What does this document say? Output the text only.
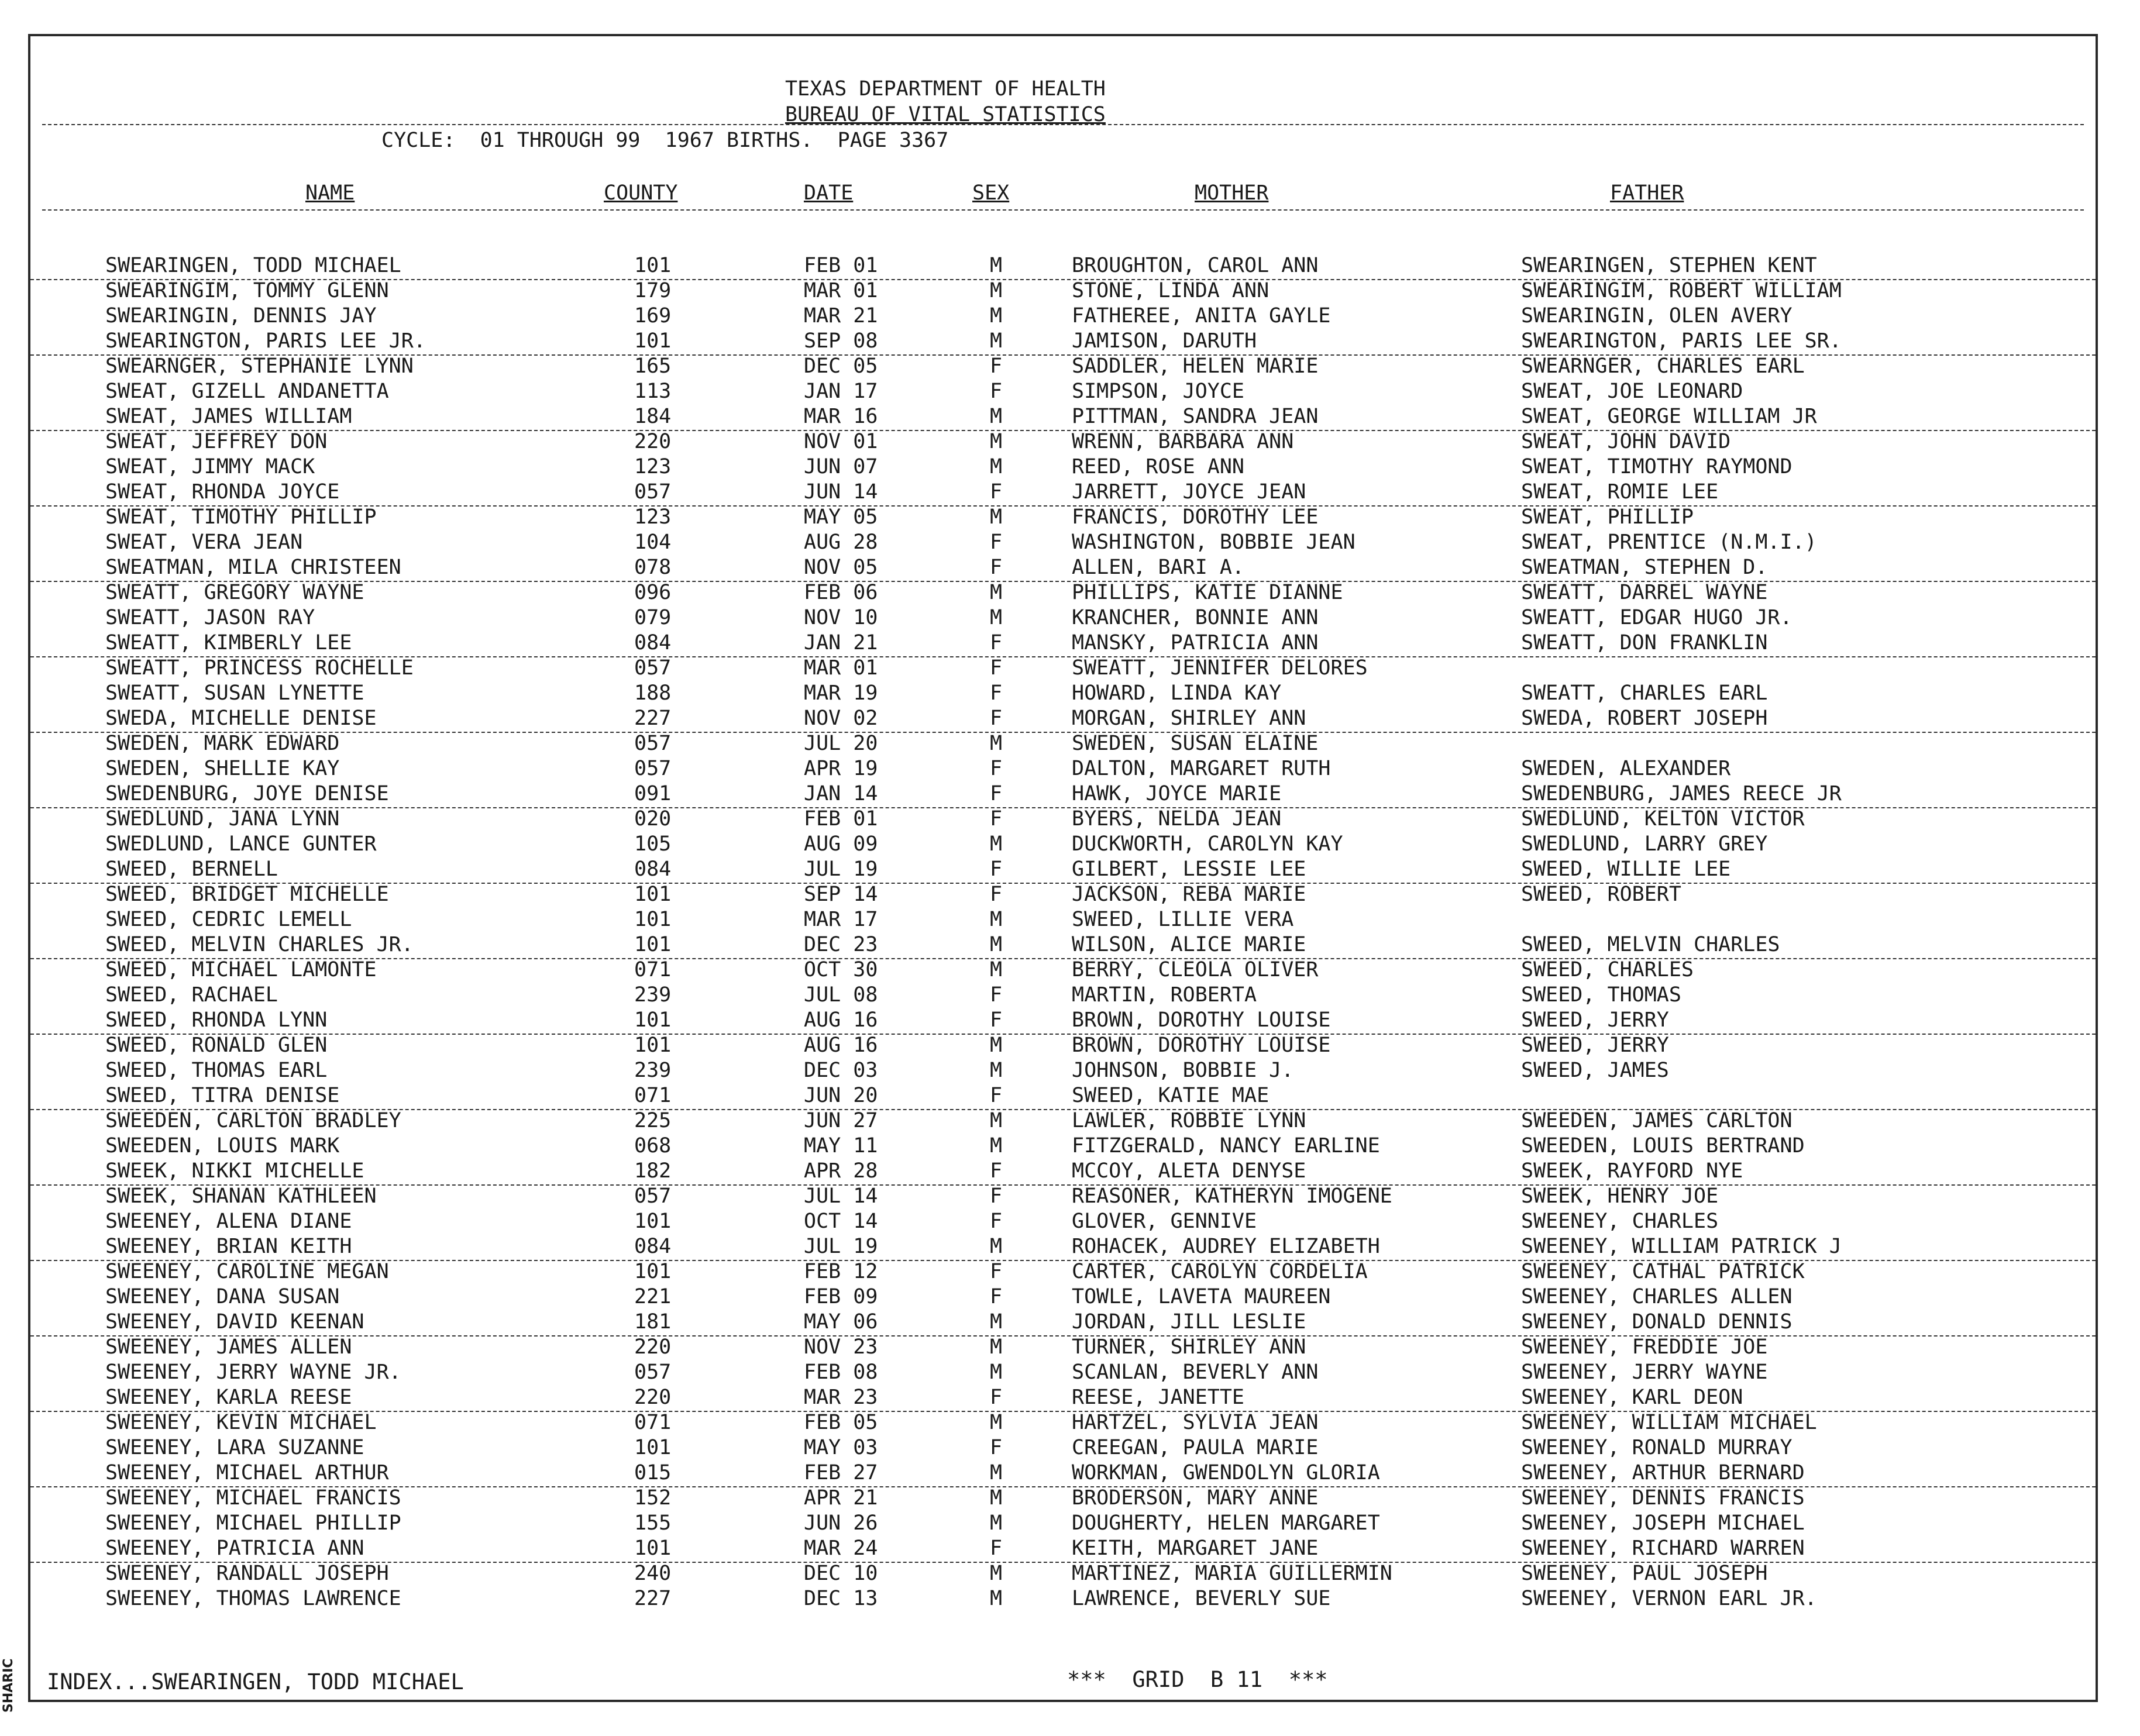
TEXAS DEPARTMENT OF HEALTH
BUREAU OF VITAL STATISTICS
CYCLE:  01 THROUGH 99  1967 BIRTHS.  PAGE 3367
NAME	COUNTY	DATE	SEX	MOTHER	FATHER
SWEARINGEN, TODD MICHAEL	101	FEB 01	M	BROUGHTON, CAROL ANN	SWEARINGEN, STEPHEN KENT
SWEARINGIM, TOMMY GLENN	179	MAR 01	M	STONE, LINDA ANN	SWEARINGIM, ROBERT WILLIAM
SWEARINGIN, DENNIS JAY	169	MAR 21	M	FATHEREE, ANITA GAYLE	SWEARINGIN, OLEN AVERY
SWEARINGTON, PARIS LEE JR.	101	SEP 08	M	JAMISON, DARUTH	SWEARINGTON, PARIS LEE SR.
SWEARNGER, STEPHANIE LYNN	165	DEC 05	F	SADDLER, HELEN MARIE	SWEARNGER, CHARLES EARL
SWEAT, GIZELL ANDANETTA	113	JAN 17	F	SIMPSON, JOYCE	SWEAT, JOE LEONARD
SWEAT, JAMES WILLIAM	184	MAR 16	M	PITTMAN, SANDRA JEAN	SWEAT, GEORGE WILLIAM JR
SWEAT, JEFFREY DON	220	NOV 01	M	WRENN, BARBARA ANN	SWEAT, JOHN DAVID
SWEAT, JIMMY MACK	123	JUN 07	M	REED, ROSE ANN	SWEAT, TIMOTHY RAYMOND
SWEAT, RHONDA JOYCE	057	JUN 14	F	JARRETT, JOYCE JEAN	SWEAT, ROMIE LEE
SWEAT, TIMOTHY PHILLIP	123	MAY 05	M	FRANCIS, DOROTHY LEE	SWEAT, PHILLIP
SWEAT, VERA JEAN	104	AUG 28	F	WASHINGTON, BOBBIE JEAN	SWEAT, PRENTICE (N.M.I.)
SWEATMAN, MILA CHRISTEEN	078	NOV 05	F	ALLEN, BARI A.	SWEATMAN, STEPHEN D.
SWEATT, GREGORY WAYNE	096	FEB 06	M	PHILLIPS, KATIE DIANNE	SWEATT, DARREL WAYNE
SWEATT, JASON RAY	079	NOV 10	M	KRANCHER, BONNIE ANN	SWEATT, EDGAR HUGO JR.
SWEATT, KIMBERLY LEE	084	JAN 21	F	MANSKY, PATRICIA ANN	SWEATT, DON FRANKLIN
SWEATT, PRINCESS ROCHELLE	057	MAR 01	F	SWEATT, JENNIFER DELORES
SWEATT, SUSAN LYNETTE	188	MAR 19	F	HOWARD, LINDA KAY	SWEATT, CHARLES EARL
SWEDA, MICHELLE DENISE	227	NOV 02	F	MORGAN, SHIRLEY ANN	SWEDA, ROBERT JOSEPH
SWEDEN, MARK EDWARD	057	JUL 20	M	SWEDEN, SUSAN ELAINE
SWEDEN, SHELLIE KAY	057	APR 19	F	DALTON, MARGARET RUTH	SWEDEN, ALEXANDER
SWEDENBURG, JOYE DENISE	091	JAN 14	F	HAWK, JOYCE MARIE	SWEDENBURG, JAMES REECE JR
SWEDLUND, JANA LYNN	020	FEB 01	F	BYERS, NELDA JEAN	SWEDLUND, KELTON VICTOR
SWEDLUND, LANCE GUNTER	105	AUG 09	M	DUCKWORTH, CAROLYN KAY	SWEDLUND, LARRY GREY
SWEED, BERNELL	084	JUL 19	F	GILBERT, LESSIE LEE	SWEED, WILLIE LEE
SWEED, BRIDGET MICHELLE	101	SEP 14	F	JACKSON, REBA MARIE	SWEED, ROBERT
SWEED, CEDRIC LEMELL	101	MAR 17	M	SWEED, LILLIE VERA
SWEED, MELVIN CHARLES JR.	101	DEC 23	M	WILSON, ALICE MARIE	SWEED, MELVIN CHARLES
SWEED, MICHAEL LAMONTE	071	OCT 30	M	BERRY, CLEOLA OLIVER	SWEED, CHARLES
SWEED, RACHAEL	239	JUL 08	F	MARTIN, ROBERTA	SWEED, THOMAS
SWEED, RHONDA LYNN	101	AUG 16	F	BROWN, DOROTHY LOUISE	SWEED, JERRY
SWEED, RONALD GLEN	101	AUG 16	M	BROWN, DOROTHY LOUISE	SWEED, JERRY
SWEED, THOMAS EARL	239	DEC 03	M	JOHNSON, BOBBIE J.	SWEED, JAMES
SWEED, TITRA DENISE	071	JUN 20	F	SWEED, KATIE MAE
SWEEDEN, CARLTON BRADLEY	225	JUN 27	M	LAWLER, ROBBIE LYNN	SWEEDEN, JAMES CARLTON
SWEEDEN, LOUIS MARK	068	MAY 11	M	FITZGERALD, NANCY EARLINE	SWEEDEN, LOUIS BERTRAND
SWEEK, NIKKI MICHELLE	182	APR 28	F	MCCOY, ALETA DENYSE	SWEEK, RAYFORD NYE
SWEEK, SHANAN KATHLEEN	057	JUL 14	F	REASONER, KATHERYN IMOGENE	SWEEK, HENRY JOE
SWEENEY, ALENA DIANE	101	OCT 14	F	GLOVER, GENNIVE	SWEENEY, CHARLES
SWEENEY, BRIAN KEITH	084	JUL 19	M	ROHACEK, AUDREY ELIZABETH	SWEENEY, WILLIAM PATRICK J
SWEENEY, CAROLINE MEGAN	101	FEB 12	F	CARTER, CAROLYN CORDELIA	SWEENEY, CATHAL PATRICK
SWEENEY, DANA SUSAN	221	FEB 09	F	TOWLE, LAVETA MAUREEN	SWEENEY, CHARLES ALLEN
SWEENEY, DAVID KEENAN	181	MAY 06	M	JORDAN, JILL LESLIE	SWEENEY, DONALD DENNIS
SWEENEY, JAMES ALLEN	220	NOV 23	M	TURNER, SHIRLEY ANN	SWEENEY, FREDDIE JOE
SWEENEY, JERRY WAYNE JR.	057	FEB 08	M	SCANLAN, BEVERLY ANN	SWEENEY, JERRY WAYNE
SWEENEY, KARLA REESE	220	MAR 23	F	REESE, JANETTE	SWEENEY, KARL DEON
SWEENEY, KEVIN MICHAEL	071	FEB 05	M	HARTZEL, SYLVIA JEAN	SWEENEY, WILLIAM MICHAEL
SWEENEY, LARA SUZANNE	101	MAY 03	F	CREEGAN, PAULA MARIE	SWEENEY, RONALD MURRAY
SWEENEY, MICHAEL ARTHUR	015	FEB 27	M	WORKMAN, GWENDOLYN GLORIA	SWEENEY, ARTHUR BERNARD
SWEENEY, MICHAEL FRANCIS	152	APR 21	M	BRODERSON, MARY ANNE	SWEENEY, DENNIS FRANCIS
SWEENEY, MICHAEL PHILLIP	155	JUN 26	M	DOUGHERTY, HELEN MARGARET	SWEENEY, JOSEPH MICHAEL
SWEENEY, PATRICIA ANN	101	MAR 24	F	KEITH, MARGARET JANE	SWEENEY, RICHARD WARREN
SWEENEY, RANDALL JOSEPH	240	DEC 10	M	MARTINEZ, MARIA GUILLERMIN	SWEENEY, PAUL JOSEPH
SWEENEY, THOMAS LAWRENCE	227	DEC 13	M	LAWRENCE, BEVERLY SUE	SWEENEY, VERNON EARL JR.
INDEX...SWEARINGEN, TODD MICHAEL	***  GRID  B 11  ***
SHARIC
